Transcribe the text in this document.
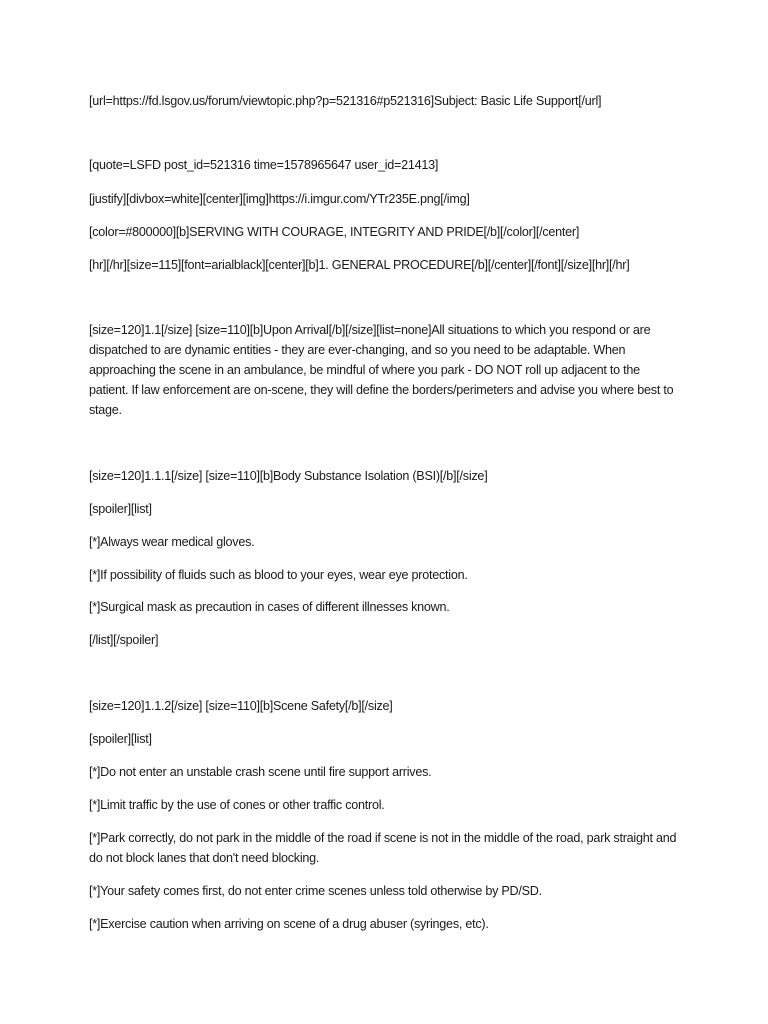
[url=https://fd.lsgov.us/forum/viewtopic.php?p=521316#p521316]Subject: Basic Life Support[/url]

[quote=LSFD post_id=521316 time=1578965647 user_id=21413]

[justify][divbox=white][center][img]https://i.imgur.com/YTr235E.png[/img]

[color=#800000][b]SERVING WITH COURAGE, INTEGRITY AND PRIDE[/b][/color][/center]

[hr][/hr][size=115][font=arialblack][center][b]1. GENERAL PROCEDURE[/b][/center][/font][/size][hr][/hr]

[size=120]1.1[/size] [size=110][b]Upon Arrival[/b][/size][list=none]All situations to which you respond or are dispatched to are dynamic entities - they are ever-changing, and so you need to be adaptable. When approaching the scene in an ambulance, be mindful of where you park - DO NOT roll up adjacent to the patient. If law enforcement are on-scene, they will define the borders/perimeters and advise you where best to stage.

[size=120]1.1.1[/size] [size=110][b]Body Substance Isolation (BSI)[/b][/size]

[spoiler][list]

[*]Always wear medical gloves.

[*]If possibility of fluids such as blood to your eyes, wear eye protection.

[*]Surgical mask as precaution in cases of different illnesses known.

[/list][/spoiler]

[size=120]1.1.2[/size] [size=110][b]Scene Safety[/b][/size]

[spoiler][list]

[*]Do not enter an unstable crash scene until fire support arrives.

[*]Limit traffic by the use of cones or other traffic control.

[*]Park correctly, do not park in the middle of the road if scene is not in the middle of the road, park straight and do not block lanes that don't need blocking.

[*]Your safety comes first, do not enter crime scenes unless told otherwise by PD/SD.

[*]Exercise caution when arriving on scene of a drug abuser (syringes, etc).
